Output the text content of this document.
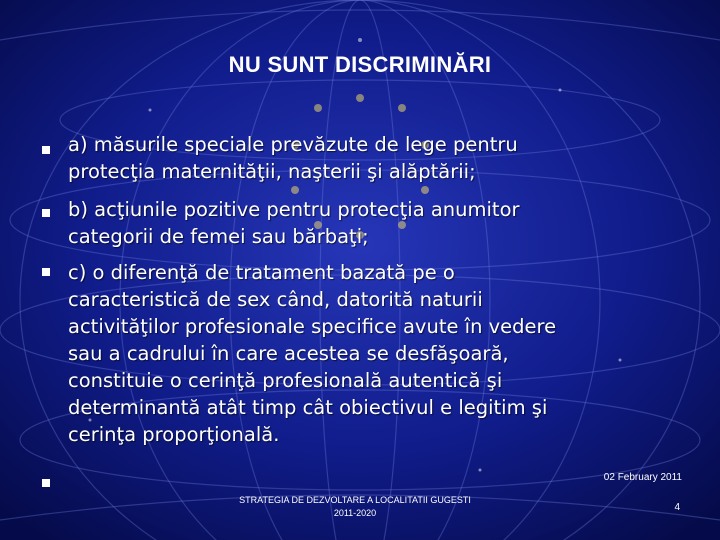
NU SUNT DISCRIMINĂRI
a) măsurile speciale prevăzute de lege pentru
protecţia maternităţii, naşterii şi alăptării;
b) acţiunile pozitive pentru protecţia anumitor
categorii de femei sau bărbaţi;
c) o diferenţă de tratament bazată pe o
caracteristică de sex când, datorită naturii
activităţilor profesionale specifice avute în vedere
sau a cadrului în care acestea se desfăşoară,
constituie o cerinţă profesională autentică şi
determinantă atât timp cât obiectivul e legitim şi
cerinţa proporţională.
02 February 2011
STRATEGIA DE DEZVOLTARE A LOCALITATII GUGESTI
2011-2020	4
